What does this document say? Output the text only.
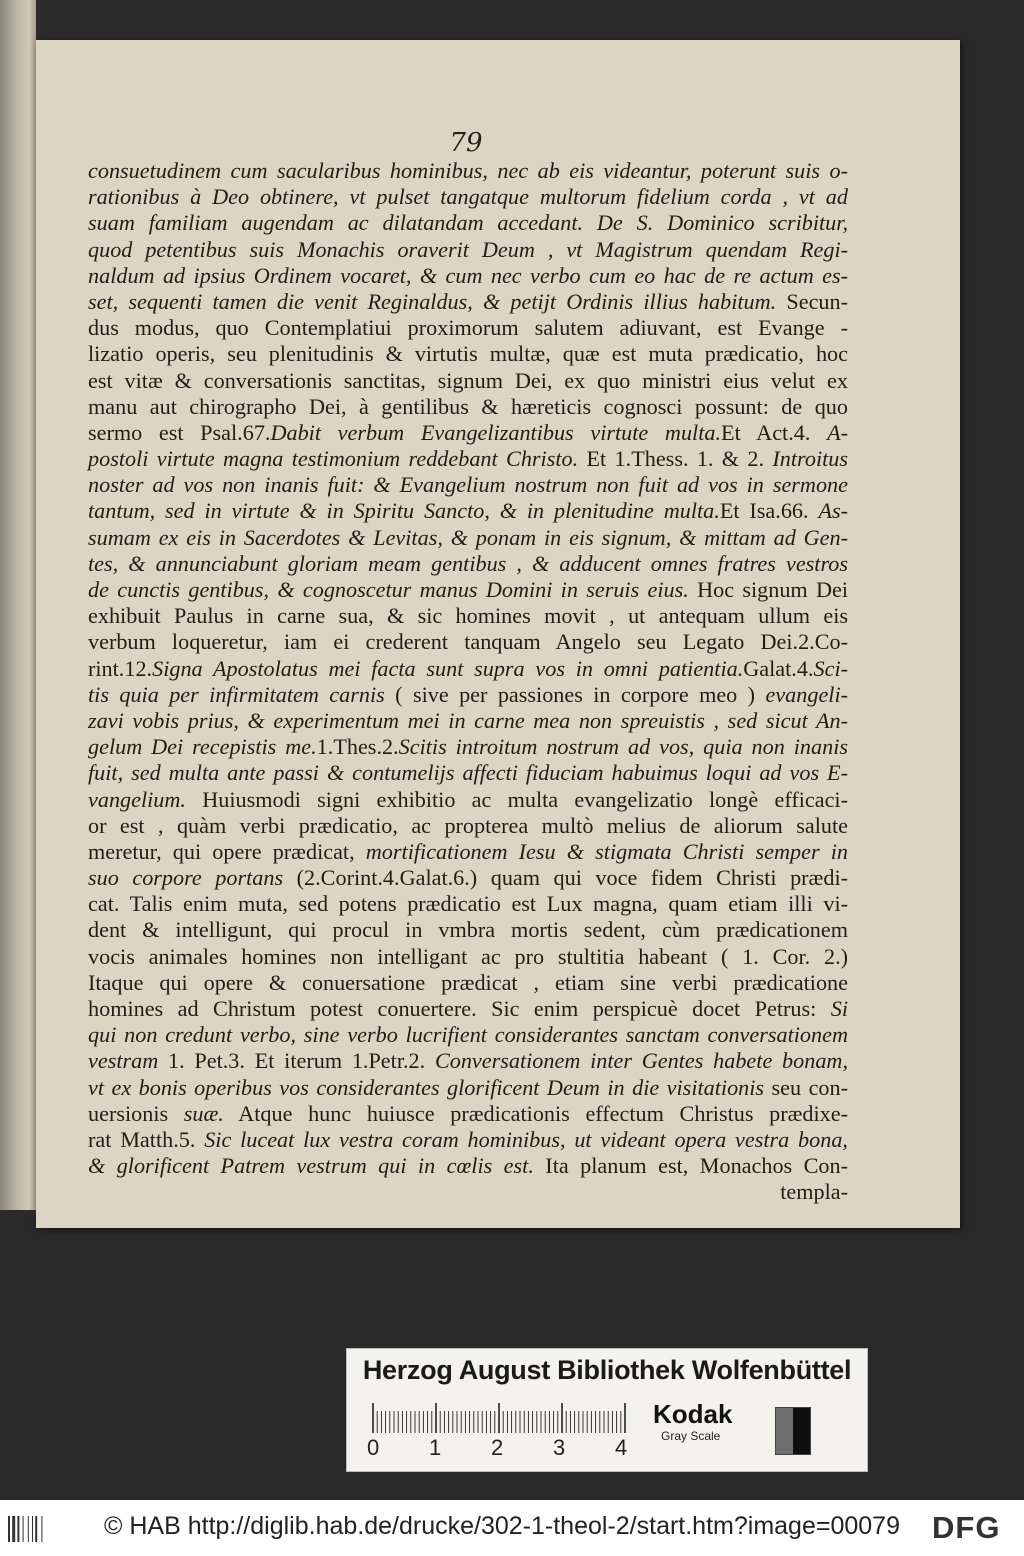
79
consuetudinem cum sacularibus hominibus, nec ab eis videantur, poterunt suis o-
rationibus à Deo obtinere, vt pulset tangatque multorum fidelium corda , vt ad
suam familiam augendam ac dilatandam accedant. De S. Dominico scribitur,
quod petentibus suis Monachis oraverit Deum , vt Magistrum quendam Regi-
naldum ad ipsius Ordinem vocaret, & cum nec verbo cum eo hac de re actum es-
set, sequenti tamen die venit Reginaldus, & petijt Ordinis illius habitum. Secun-
dus modus, quo Contemplatiui proximorum salutem adiuvant, est Evange -
lizatio operis, seu plenitudinis & virtutis multæ, quæ est muta prædicatio, hoc
est vitæ & conversationis sanctitas, signum Dei, ex quo ministri eius velut ex
manu aut chirographo Dei, à gentilibus & hæreticis cognosci possunt: de quo
sermo est Psal.67.Dabit verbum Evangelizantibus virtute multa.Et Act.4. A-
postoli virtute magna testimonium reddebant Christo. Et 1.Thess. 1. & 2. Introitus
noster ad vos non inanis fuit: & Evangelium nostrum non fuit ad vos in sermone
tantum, sed in virtute & in Spiritu Sancto, & in plenitudine multa.Et Isa.66. As-
sumam ex eis in Sacerdotes & Levitas, & ponam in eis signum, & mittam ad Gen-
tes, & annunciabunt gloriam meam gentibus , & adducent omnes fratres vestros
de cunctis gentibus, & cognoscetur manus Domini in seruis eius. Hoc signum Dei
exhibuit Paulus in carne sua, & sic homines movit , ut antequam ullum eis
verbum loqueretur, iam ei crederent tanquam Angelo seu Legato Dei.2.Co-
rint.12.Signa Apostolatus mei facta sunt supra vos in omni patientia.Galat.4.Sci-
tis quia per infirmitatem carnis ( sive per passiones in corpore meo ) evangeli-
zavi vobis prius, & experimentum mei in carne mea non spreuistis , sed sicut An-
gelum Dei recepistis me.1.Thes.2.Scitis introitum nostrum ad vos, quia non inanis
fuit, sed multa ante passi & contumelijs affecti fiduciam habuimus loqui ad vos E-
vangelium. Huiusmodi signi exhibitio ac multa evangelizatio longè efficaci-
or est , quàm verbi prædicatio, ac propterea multò melius de aliorum salute
meretur, qui opere prædicat, mortificationem Iesu & stigmata Christi semper in
suo corpore portans (2.Corint.4.Galat.6.) quam qui voce fidem Christi prædi-
cat. Talis enim muta, sed potens prædicatio est Lux magna, quam etiam illi vi-
dent & intelligunt, qui procul in vmbra mortis sedent, cùm prædicationem
vocis animales homines non intelligant ac pro stultitia habeant ( 1. Cor. 2.)
Itaque qui opere & conuersatione prædicat , etiam sine verbi prædicatione
homines ad Christum potest conuertere. Sic enim perspicuè docet Petrus: Si
qui non credunt verbo, sine verbo lucrifient considerantes sanctam conversationem
vestram 1. Pet.3. Et iterum 1.Petr.2. Conversationem inter Gentes habete bonam,
vt ex bonis operibus vos considerantes glorificent Deum in die visitationis seu con-
uersionis suæ. Atque hunc huiusce prædicationis effectum Christus prædixe-
rat Matth.5. Sic luceat lux vestra coram hominibus, ut videant opera vestra bona,
& glorificent Patrem vestrum qui in cœlis est. Ita planum est, Monachos Con-
templa-
Herzog August Bibliothek Wolfenbüttel
0 1 2 3 4
Kodak
Gray Scale
© HAB http://diglib.hab.de/drucke/302-1-theol-2/start.htm?image=00079 DFG
